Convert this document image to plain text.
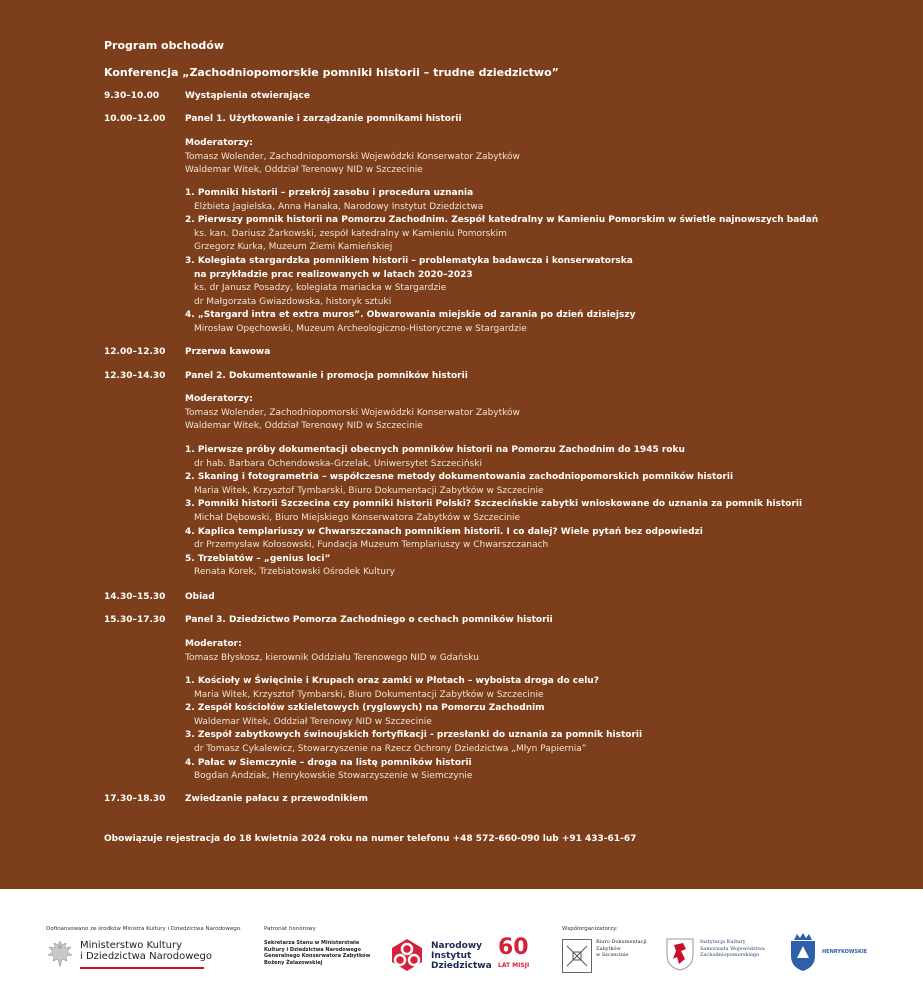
Program obchodów
Konferencja „Zachodniopomorskie pomniki historii – trudne dziedzictwo”
9.30–10.00	Wystąpienia otwierające
10.00–12.00 Panel 1. Użytkowanie i zarządzanie pomnikami historii
Moderatorzy:
Tomasz Wolender, Zachodniopomorski Wojewódzki Konserwator Zabytków
Waldemar Witek, Oddział Terenowy NID w Szczecinie
1. Pomniki historii – przekrój zasobu i procedura uznania
Elżbieta Jagielska, Anna Hanaka, Narodowy Instytut Dziedzictwa
2. Pierwszy pomnik historii na Pomorzu Zachodnim. Zespół katedralny w Kamieniu Pomorskim w świetle najnowszych badań
ks. kan. Dariusz Żarkowski, zespół katedralny w Kamieniu Pomorskim
Grzegorz Kurka, Muzeum Ziemi Kamieńskiej
3. Kolegiata stargardzka pomnikiem historii – problematyka badawcza i konserwatorska
na przykładzie prac realizowanych w latach 2020–2023
ks. dr Janusz Posadzy, kolegiata mariacka w Stargardzie
dr Małgorzata Gwiazdowska, historyk sztuki
4. „Stargard intra et extra muros”. Obwarowania miejskie od zarania po dzień dzisiejszy
Mirosław Opęchowski, Muzeum Archeologiczno-Historyczne w Stargardzie
12.00–12.30 Przerwa kawowa
12.30–14.30 Panel 2. Dokumentowanie i promocja pomników historii
Moderatorzy:
Tomasz Wolender, Zachodniopomorski Wojewódzki Konserwator Zabytków
Waldemar Witek, Oddział Terenowy NID w Szczecinie
1. Pierwsze próby dokumentacji obecnych pomników historii na Pomorzu Zachodnim do 1945 roku
dr hab. Barbara Ochendowska-Grzelak, Uniwersytet Szczeciński
2. Skaning i fotogrametria – współczesne metody dokumentowania zachodniopomorskich pomników historii
Maria Witek, Krzysztof Tymbarski, Biuro Dokumentacji Zabytków w Szczecinie
3. Pomniki historii Szczecina czy pomniki historii Polski? Szczecińskie zabytki wnioskowane do uznania za pomnik historii
Michał Dębowski, Biuro Miejskiego Konserwatora Zabytków w Szczecinie
4. Kaplica templariuszy w Chwarszczanach pomnikiem historii. I co dalej? Wiele pytań bez odpowiedzi
dr Przemysław Kołosowski, Fundacja Muzeum Templariuszy w Chwarszczanach
5. Trzebiatów – „genius loci”
Renata Korek, Trzebiatowski Ośrodek Kultury
14.30–15.30 Obiad
15.30–17.30 Panel 3. Dziedzictwo Pomorza Zachodniego o cechach pomników historii
Moderator:
Tomasz Błyskosz, kierownik Oddziału Terenowego NID w Gdańsku
1. Kościoły w Święcinie i Krupach oraz zamki w Płotach – wyboista droga do celu?
Maria Witek, Krzysztof Tymbarski, Biuro Dokumentacji Zabytków w Szczecinie
2. Zespół kościołów szkieletowych (ryglowych) na Pomorzu Zachodnim
Waldemar Witek, Oddział Terenowy NID w Szczecinie
3. Zespół zabytkowych świnoujskich fortyfikacji - przesłanki do uznania za pomnik historii
dr Tomasz Cykalewicz, Stowarzyszenie na Rzecz Ochrony Dziedzictwa „Młyn Papiernia”
4. Pałac w Siemczynie – droga na listę pomników historii
Bogdan Andziak, Henrykowskie Stowarzyszenie w Siemczynie
17.30–18.30 Zwiedzanie pałacu z przewodnikiem
Obowiązuje rejestracja do 18 kwietnia 2024 roku na numer telefonu +48 572-660-090 lub +91 433-61-67
Dofinansowano ze środków Ministra Kultury i Dziedzictwa Narodowego.
Ministerstwo Kultury
i Dziedzictwa Narodowego
Patronat honorowy
Sekretarza Stanu w Ministerstwie
Kultury i Dziedzictwa Narodowego
Generalnego Konserwatora Zabytków
Bożeny Żelazowskiej
Narodowy
Instytut
Dziedzictwa
60
LAT MISJI
Współorganizatorzy:
Biuro Dokumentacji
Zabytków
w Szczecinie
Instytucja Kultury
Samorządu Województwa
Zachodniopomorskiego	HENRYKOWSKIE
